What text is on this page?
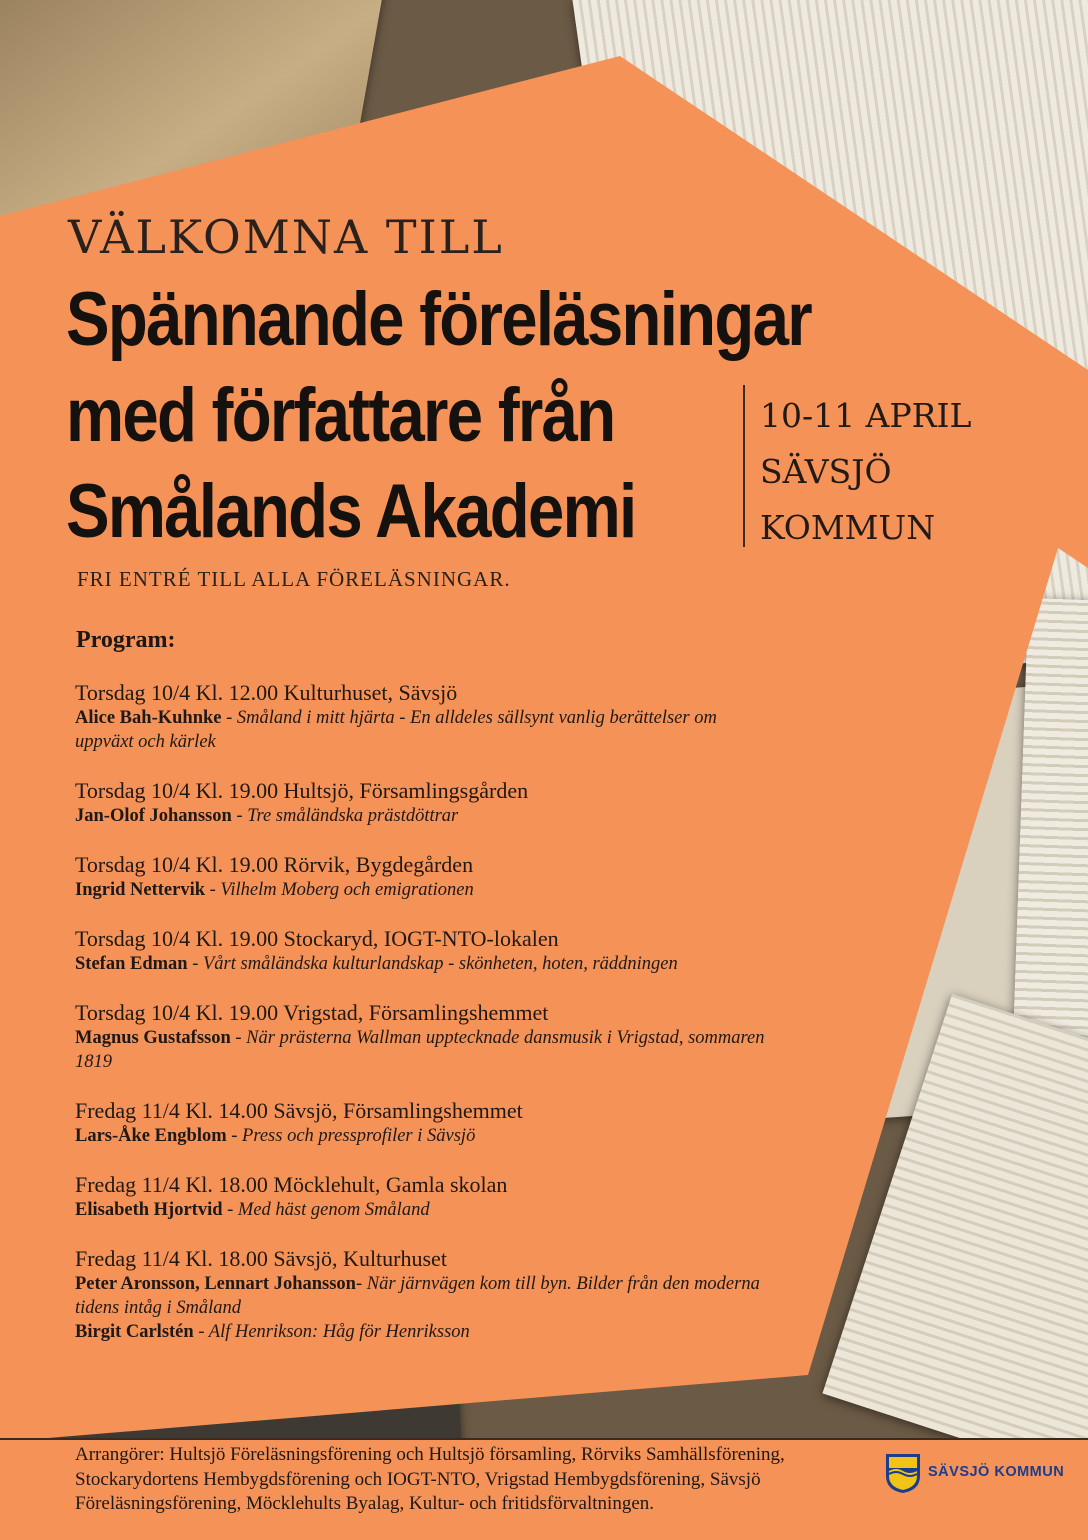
VÄLKOMNA TILL
Spännande föreläsningar
med författare från
Smålands Akademi
10-11 APRIL
SÄVSJÖ
KOMMUN
FRI ENTRÉ TILL ALLA FÖRELÄSNINGAR.
Program:
Torsdag 10/4 Kl. 12.00 Kulturhuset, Sävsjö
Alice Bah-Kuhnke - Småland i mitt hjärta - En alldeles sällsynt vanlig berättelser om uppväxt och kärlek
Torsdag 10/4 Kl. 19.00 Hultsjö, Församlingsgården
Jan-Olof Johansson - Tre småländska prästdöttrar
Torsdag 10/4 Kl. 19.00 Rörvik, Bygdegården
Ingrid Nettervik - Vilhelm Moberg och emigrationen
Torsdag 10/4 Kl. 19.00 Stockaryd, IOGT-NTO-lokalen
Stefan Edman - Vårt småländska kulturlandskap - skönheten, hoten, räddningen
Torsdag 10/4 Kl. 19.00 Vrigstad, Församlingshemmet
Magnus Gustafsson - När prästerna Wallman upptecknade dansmusik i Vrigstad, sommaren 1819
Fredag 11/4 Kl. 14.00 Sävsjö, Församlingshemmet
Lars-Åke Engblom - Press och pressprofiler i Sävsjö
Fredag 11/4 Kl. 18.00 Möcklehult, Gamla skolan
Elisabeth Hjortvid - Med häst genom Småland
Fredag 11/4 Kl. 18.00 Sävsjö, Kulturhuset
Peter Aronsson, Lennart Johansson- När järnvägen kom till byn. Bilder från den moderna tidens intåg i Småland
Birgit Carlstén - Alf Henrikson: Håg för Henriksson
Arrangörer: Hultsjö Föreläsningsförening och Hultsjö församling, Rörviks Samhällsförening, Stockarydortens Hembygdsförening och IOGT-NTO, Vrigstad Hembygdsförening, Sävsjö Föreläsningsförening, Möcklehults Byalag, Kultur- och fritidsförvaltningen.
SÄVSJÖ KOMMUN
